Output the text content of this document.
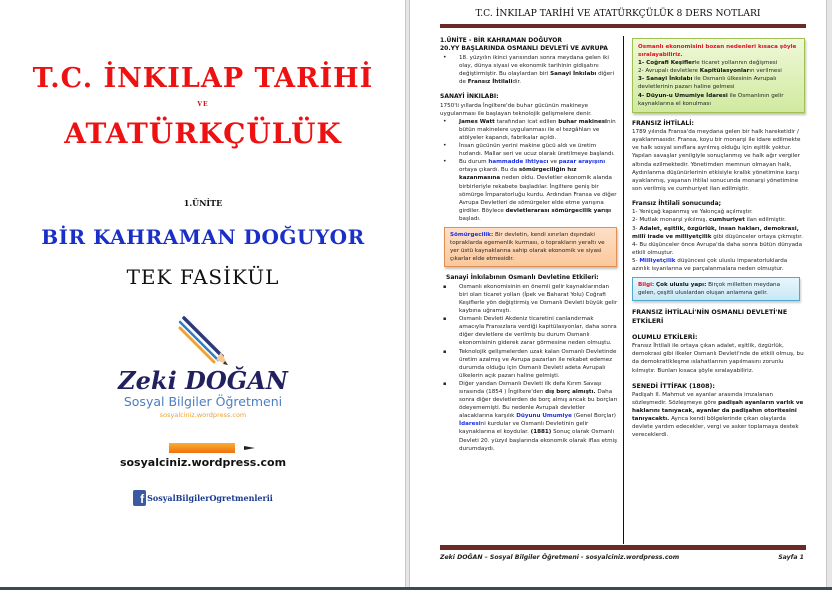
T.C. İNKILAP TARİHİ
VE
ATATÜRKÇÜLÜK
1.ÜNİTE
BİR KAHRAMAN DOĞUYOR
TEK FASİKÜL
Zeki DOĞAN
Sosyal Bilgiler Öğretmeni
sosyalciniz.wordpress.com
sosyalciniz.wordpress.com
f SosyalBilgilerOgretmenlerii
T.C. İNKILAP TARİHİ VE ATATÜRKÇÜLÜK 8 DERS NOTLARI
1.ÜNİTE - BİR KAHRAMAN DOĞUYOR
20.YY BAŞLARINDA OSMANLI DEVLETİ VE AVRUPA
• 18. yüzyılın ikinci yarısından sonra meydana gelen iki olay, dünya siyasi ve ekonomik tarihinin gidişatını değiştirmiştir. Bu olaylardan biri Sanayi İnkılabı diğeri de Fransız İhtilalidir.
SANAYİ İNKILABI:
1750'li yıllarda İngiltere'de buhar gücünün makineye uygulanması ile başlayan teknolojik gelişmelere denir.
• James Watt tarafından icat edilen buhar makinesinin bütün makinelere uygulanması ile el tezgâhları ve atölyeler kapandı, fabrikalar açıldı.
• İnsan gücünün yerini makine gücü aldı ve üretim hızlandı. Mallar seri ve ucuz olarak üretilmeye başlandı.
• Bu durum hammadde ihtiyacı ve pazar arayışını ortaya çıkardı. Bu da sömürgeciliğin hız kazanmasına neden oldu. Devletler ekonomik alanda birbirleriyle rekabete başladılar. İngiltere geniş bir sömürge İmparatorluğu kurdu. Ardından Fransa ve diğer Avrupa Devletleri de sömürgeler elde etme yarışına girdiler. Böylece devletlerarası sömürgecilik yarışı başladı.
Sömürgecilik: Bir devletin, kendi sınırları dışındaki topraklarda egemenlik kurması, o toprakların yeraltı ve yer üstü kaynaklarına sahip olarak ekonomik ve siyasi çıkarlar elde etmesidir.
Sanayi İnkılabının Osmanlı Devletine Etkileri:
▪ Osmanlı ekonomisinin en önemli gelir kaynaklarından biri olan ticaret yolları (İpek ve Baharat Yolu) Coğrafi Keşiflerle yön değiştirmiş ve Osmanlı Devleti büyük gelir kaybına uğramıştı.
▪ Osmanlı Devleti Akdeniz ticaretini canlandırmak amacıyla Fransızlara verdiği kapitülasyonlar, daha sonra diğer devletlere de verilmiş bu durum Osmanlı ekonomisinin giderek zarar görmesine neden olmuştu.
▪ Teknolojik gelişmelerden uzak kalan Osmanlı Devletinde üretim azalmış ve Avrupa pazarları ile rekabet edemez durumda olduğu için Osmanlı Devleti adeta Avrupalı ülkelerin açık pazarı haline gelmişti.
▪ Diğer yandan Osmanlı Devleti ilk defa Kırım Savaşı sırasında (1854 ) İngiltere'den dış borç almıştı. Daha sonra diğer devletlerden de borç almış ancak bu borçları ödeyememişti. Bu nedenle Avrupalı devletler alacaklarına karşılık Düyunu Umumiye (Genel Borçlar) İdaresini kurdular ve Osmanlı Devletinin gelir kaynaklarına el koydular. (1881) Sonuç olarak Osmanlı Devleti 20. yüzyıl başlarında ekonomik olarak iflas etmiş durumdaydı.
Osmanlı ekonomisini bozan nedenleri kısaca şöyle sıralayabiliriz.
1- Coğrafi Keşiflerle ticaret yollarının değişmesi
2- Avrupalı devletlere Kapitülasyonların verilmesi
3- Sanayi İnkılabı ile Osmanlı ülkesinin Avrupalı devletlerinin pazarı haline gelmesi
4- Düyun-u Umumiye İdaresi ile Osmanlının gelir kaynaklarına el konulması
FRANSIZ İHTİLALİ:
1789 yılında Fransa'da meydana gelen bir halk hareketidir / ayaklanmasıdır. Fransa, koyu bir monarşi ile idare edilmekte ve halk sosyal sınıflara ayrılmış olduğu için eşitlik yoktur. Yapılan savaşlar yenilgiyle sonuçlanmış ve halk ağır vergiler altında ezilmektedir. Yönetimden memnun olmayan halk, Aydınlanma düşünürlerinin etkisiyle krallık yönetimine karşı ayaklanmış, yaşanan ihtilal sonucunda monarşi yönetimine son verilmiş ve cumhuriyet ilan edilmiştir.
Fransız İhtilali sonucunda;
1- Yeniçağ kapanmış ve Yakınçağ açılmıştır.
2- Mutlak monarşi yıkılmış, cumhuriyet ilan edilmiştir.
3- Adalet, eşitlik, özgürlük, insan hakları, demokrasi, millî irade ve milliyetçilik gibi düşünceler ortaya çıkmıştır.
4- Bu düşünceler önce Avrupa'da daha sonra bütün dünyada etkili olmuştur.
5- Milliyetçilik düşüncesi çok uluslu imparatorluklarda azınlık isyanlarına ve parçalanmalara neden olmuştur.
Bilgi: Çok uluslu yapı: Birçok milletten meydana gelen, çeşitli uluslardan oluşan anlamına gelir.
FRANSIZ İHTİLALİ'NİN OSMANLI DEVLETİ'NE ETKİLERİ
OLUMLU ETKİLERİ:
Fransız İhtilali ile ortaya çıkan adalet, eşitlik, özgürlük, demokrasi gibi ilkeler Osmanlı Devleti'nde de etkili olmuş, bu da demokratikleşme ıslahatlarının yapılmasını zorunlu kılmıştır. Bunları kısaca şöyle sıralayabiliriz.
SENEDİ İTTİFAK (1808):
Padişah II. Mahmut ve ayanlar arasında imzalanan sözleşmedir. Sözleşmeye göre padişah ayanların varlık ve haklarını tanıyacak, ayanlar da padişahın otoritesini tanıyacaktı. Ayrıca kendi bölgelerinde çıkan olaylarda devlete yardım edecekler, vergi ve asker toplamaya destek vereceklerdi.
Zeki DOĞAN – Sosyal Bilgiler Öğretmeni - sosyalciniz.wordpress.com	Sayfa 1
